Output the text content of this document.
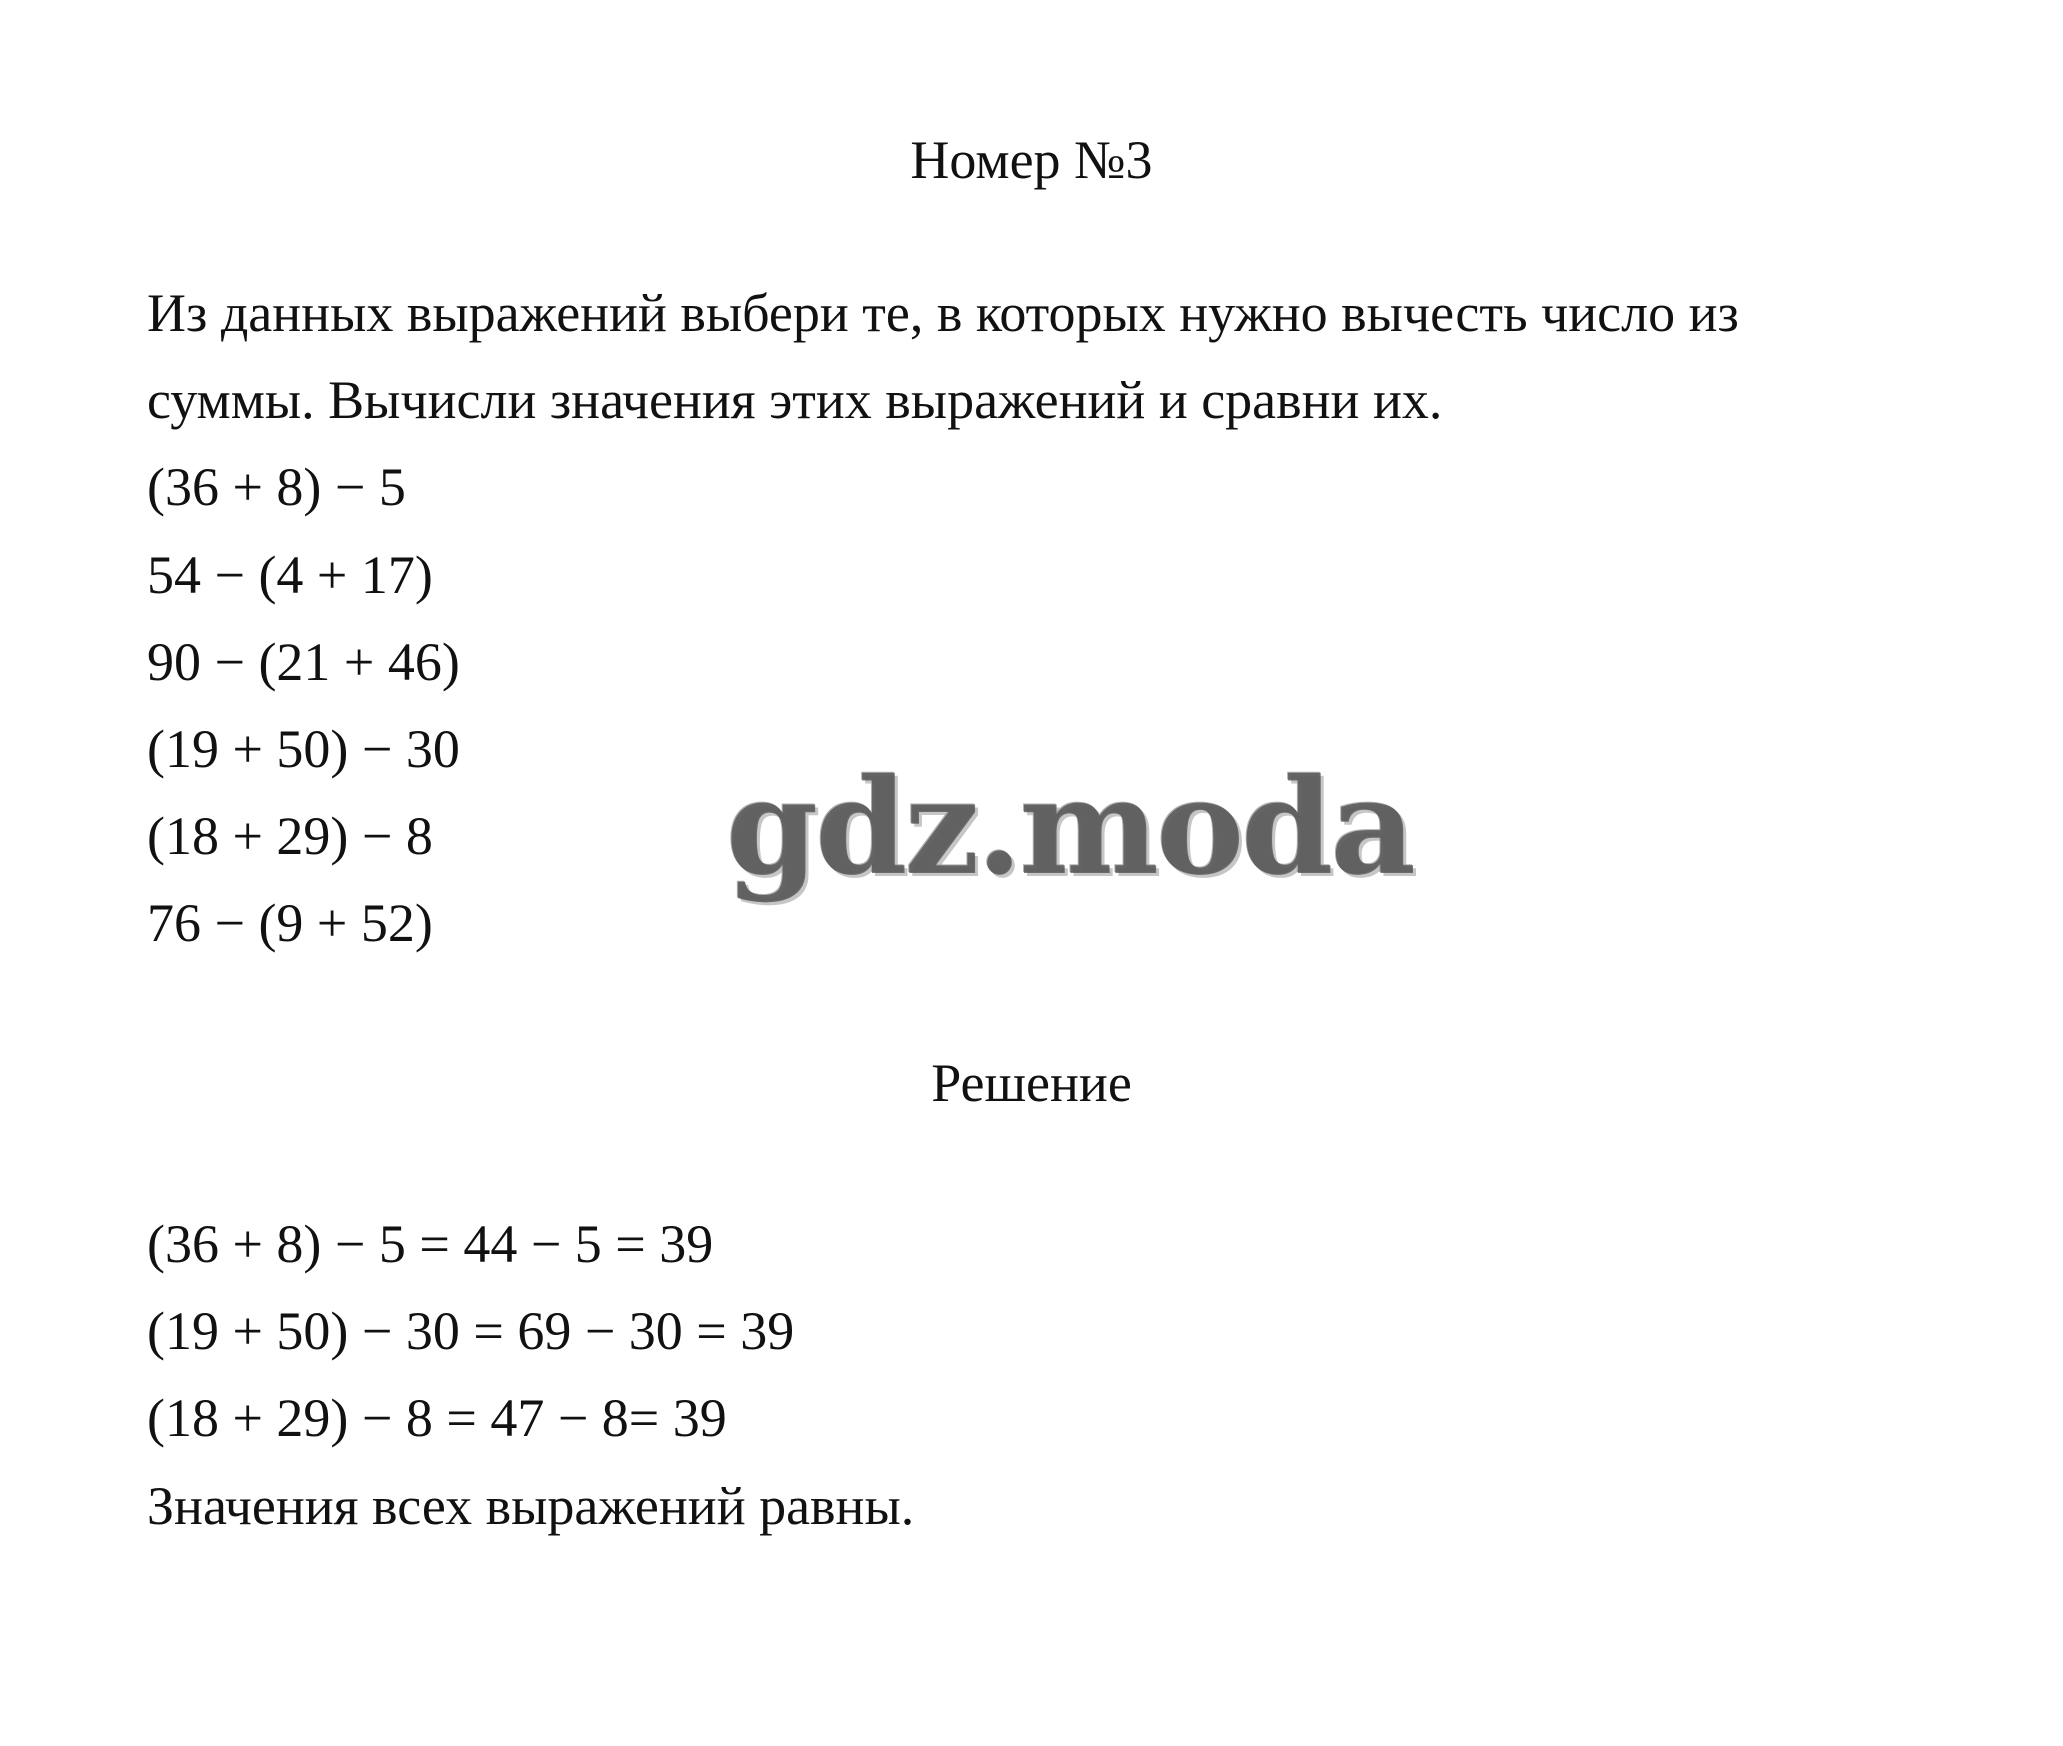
Номер №3
Из данных выражений выбери те, в которых нужно вычесть число из
суммы. Вычисли значения этих выражений и сравни их.
(36 + 8) − 5
54 − (4 + 17)
90 − (21 + 46)
(19 + 50) − 30
(18 + 29) − 8
76 − (9 + 52)
gdz.moda
Решение
(36 + 8) − 5 = 44 − 5 = 39
(19 + 50) − 30 = 69 − 30 = 39
(18 + 29) − 8 = 47 − 8= 39
Значения всех выражений равны.
